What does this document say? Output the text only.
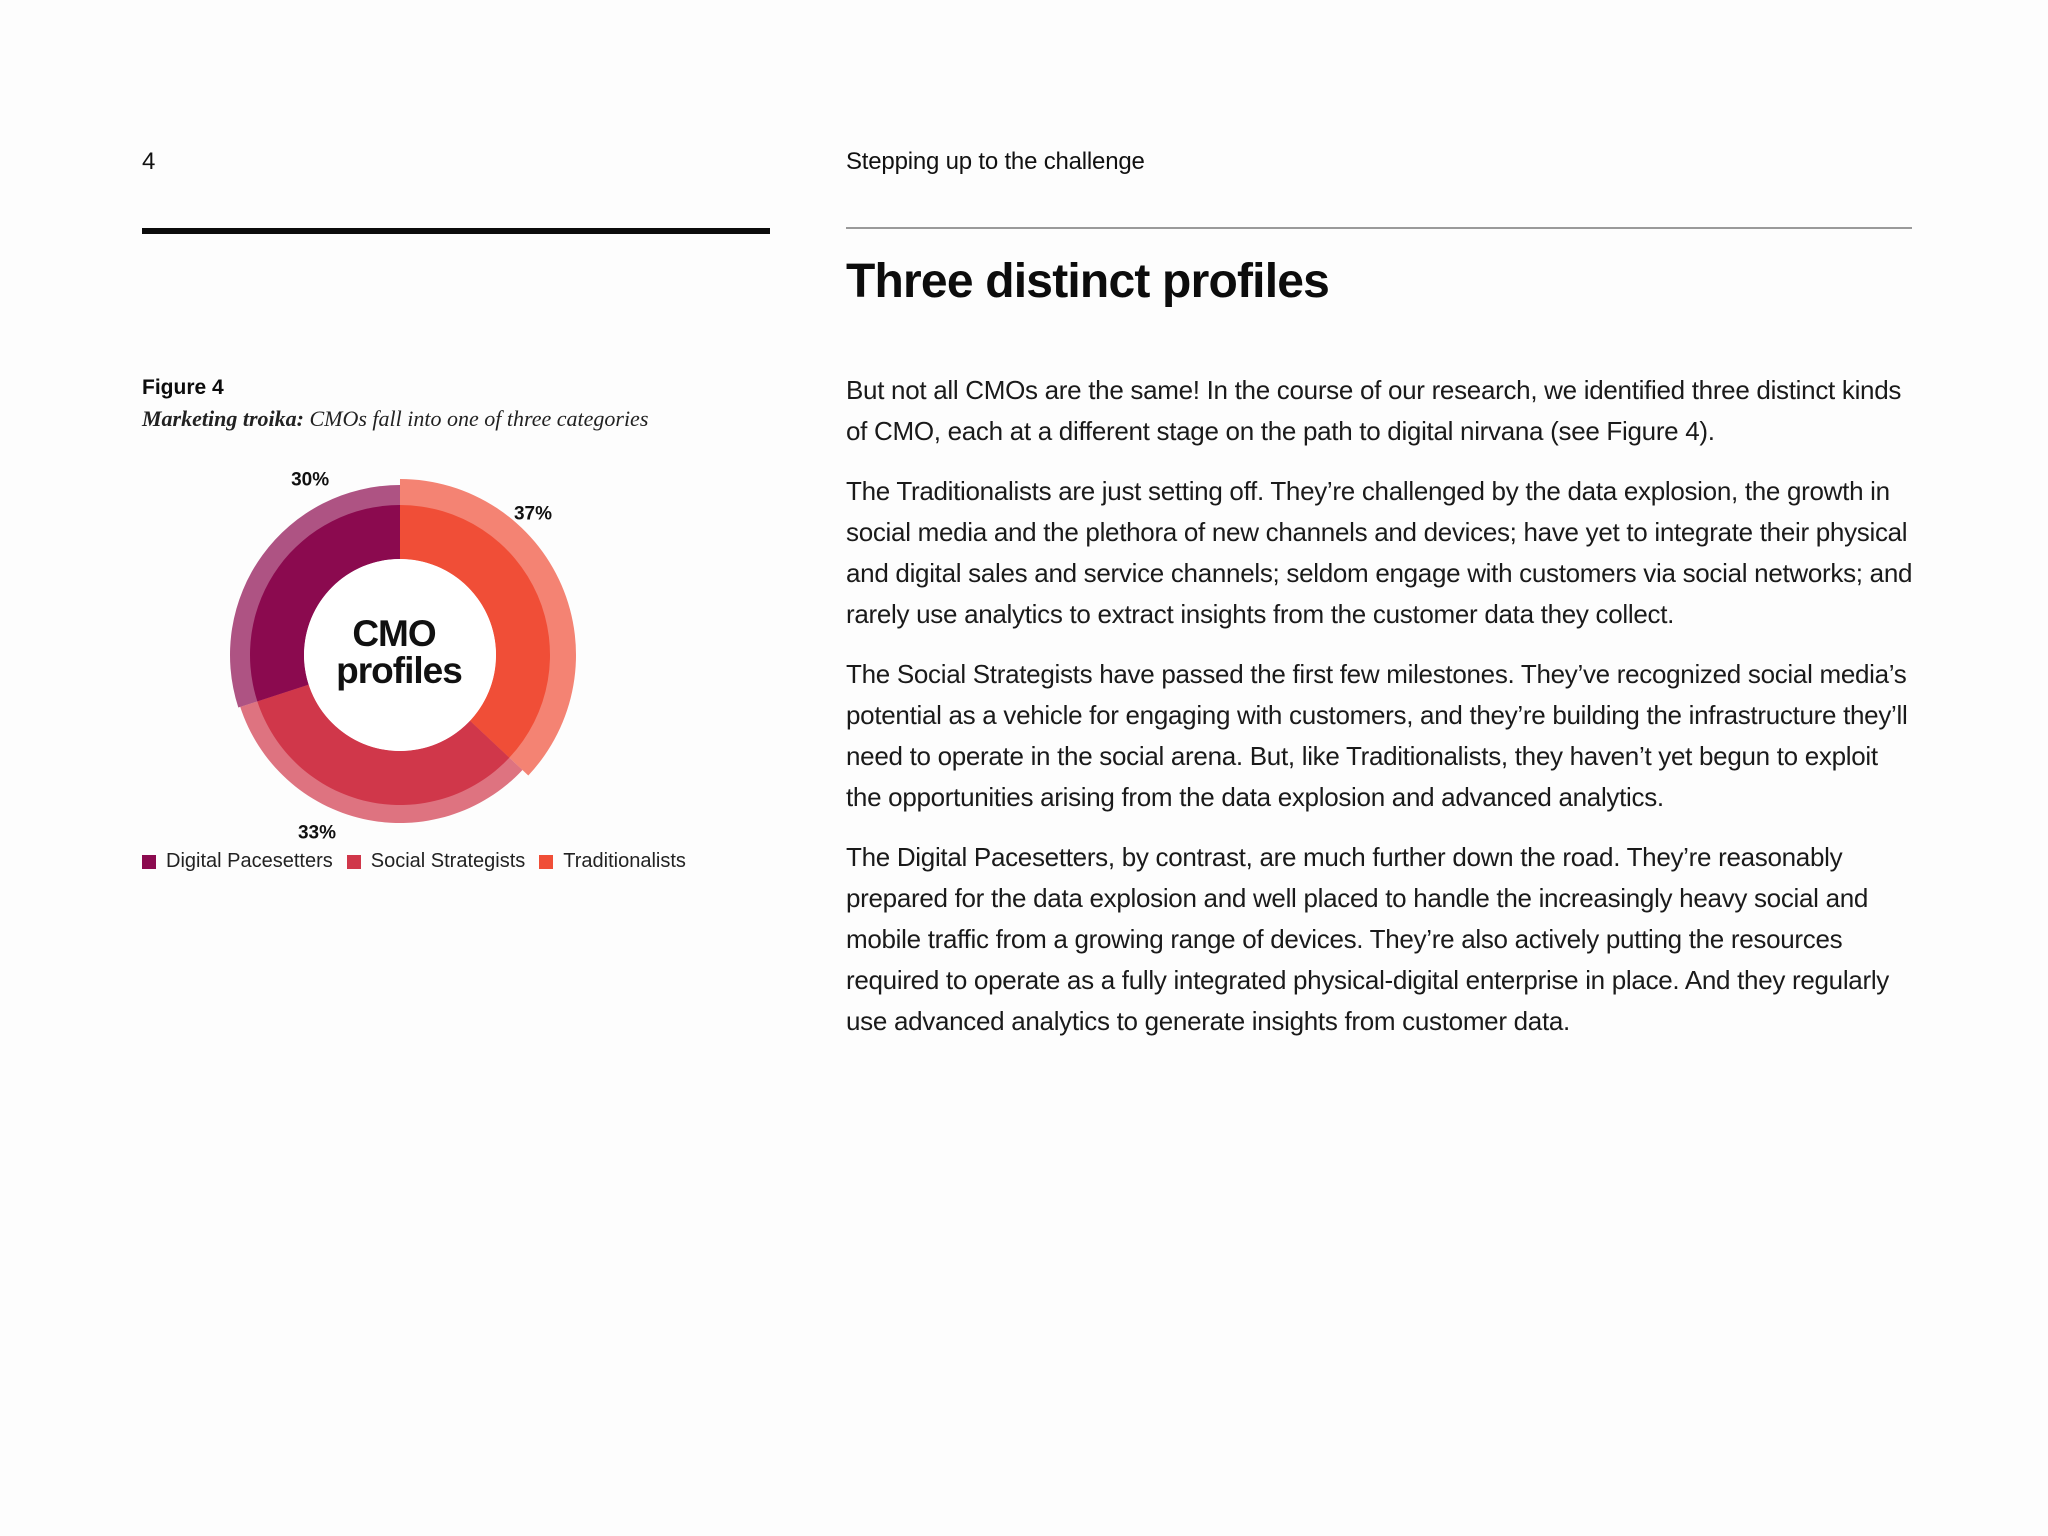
4	Stepping up to the challenge
Three distinct profiles
Figure 4
Marketing troika: CMOs fall into one of three categories
CMO
profiles
37%
33%
30%
Digital Pacesetters Social Strategists Traditionalists

But not all CMOs are the same! In the course of our research, we identified three distinct kinds of CMO, each at a different stage on the path to digital nirvana (see Figure 4).

The Traditionalists are just setting off. They’re challenged by the data explosion, the growth in social media and the plethora of new channels and devices; have yet to integrate their physical and digital sales and service channels; seldom engage with customers via social networks; and rarely use analytics to extract insights from the customer data they collect.

The Social Strategists have passed the first few milestones. They’ve recognized social media’s potential as a vehicle for engaging with customers, and they’re building the infrastructure they’ll need to operate in the social arena. But, like Traditionalists, they haven’t yet begun to exploit the opportunities arising from the data explosion and advanced analytics.

The Digital Pacesetters, by contrast, are much further down the road. They’re reasonably prepared for the data explosion and well placed to handle the increasingly heavy social and mobile traffic from a growing range of devices. They’re also actively putting the resources required to operate as a fully integrated physical-digital enterprise in place. And they regularly use advanced analytics to generate insights from customer data.
